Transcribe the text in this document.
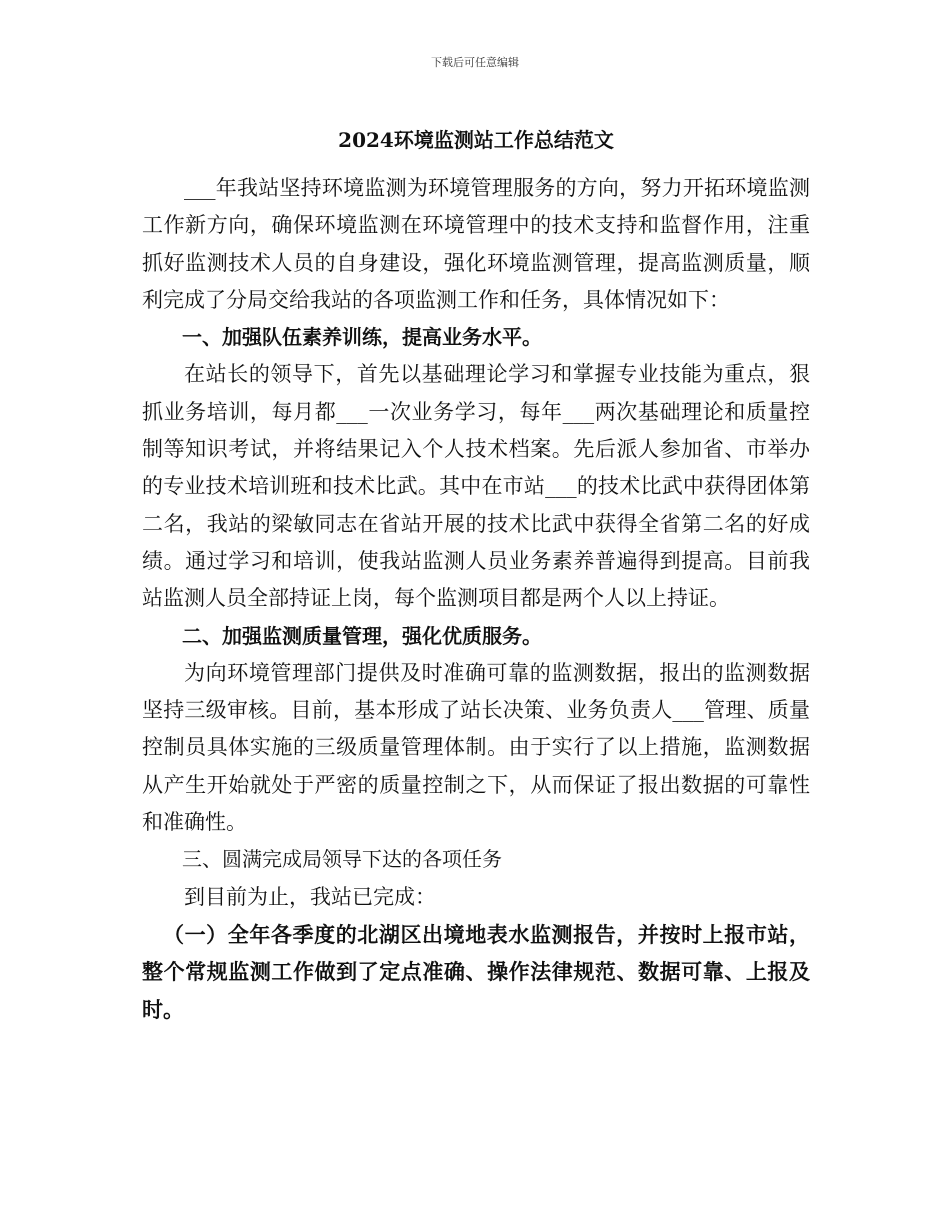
下载后可任意编辑
2024环境监测站工作总结范文

___年我站坚持环境监测为环境管理服务的方向，努力开拓环境监测工作新方向，确保环境监测在环境管理中的技术支持和监督作用，注重抓好监测技术人员的自身建设，强化环境监测管理，提高监测质量，顺利完成了分局交给我站的各项监测工作和任务，具体情况如下：

一、加强队伍素养训练，提高业务水平。

在站长的领导下，首先以基础理论学习和掌握专业技能为重点，狠抓业务培训，每月都___一次业务学习，每年___两次基础理论和质量控制等知识考试，并将结果记入个人技术档案。先后派人参加省、市举办的专业技术培训班和技术比武。其中在市站___的技术比武中获得团体第二名，我站的梁敏同志在省站开展的技术比武中获得全省第二名的好成绩。通过学习和培训，使我站监测人员业务素养普遍得到提高。目前我站监测人员全部持证上岗，每个监测项目都是两个人以上持证。

二、加强监测质量管理，强化优质服务。

为向环境管理部门提供及时准确可靠的监测数据，报出的监测数据坚持三级审核。目前，基本形成了站长决策、业务负责人___管理、质量控制员具体实施的三级质量管理体制。由于实行了以上措施，监测数据从产生开始就处于严密的质量控制之下，从而保证了报出数据的可靠性和准确性。

三、圆满完成局领导下达的各项任务

到目前为止，我站已完成：

（一）全年各季度的北湖区出境地表水监测报告，并按时上报市站，整个常规监测工作做到了定点准确、操作法律规范、数据可靠、上报及时。
